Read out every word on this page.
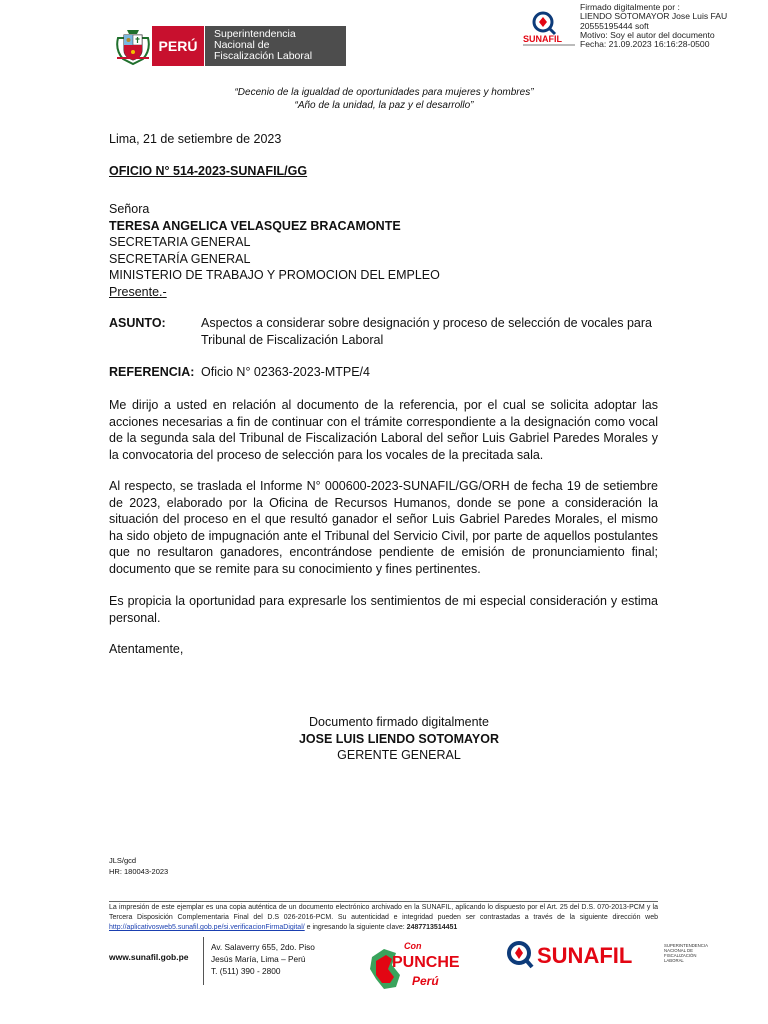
PERÚ
Superintendencia
Nacional de
Fiscalización Laboral
SUNAFIL
Firmado digitalmente por :
LIENDO SOTOMAYOR Jose Luis FAU
20555195444 soft
Motivo: Soy el autor del documento
Fecha: 21.09.2023 16:16:28-0500
“Decenio de la igualdad de oportunidades para mujeres y hombres”
“Año de la unidad, la paz y el desarrollo”
Lima, 21 de setiembre de 2023
OFICIO N° 514-2023-SUNAFIL/GG
Señora
TERESA ANGELICA VELASQUEZ BRACAMONTE
SECRETARIA GENERAL
SECRETARÍA GENERAL
MINISTERIO DE TRABAJO Y PROMOCION DEL EMPLEO
Presente.-
ASUNTO:	Aspectos a considerar sobre designación y proceso de selección de vocales para Tribunal de Fiscalización Laboral
REFERENCIA: Oficio N° 02363-2023-MTPE/4
Me dirijo a usted en relación al documento de la referencia, por el cual se solicita adoptar las acciones necesarias a fin de continuar con el trámite correspondiente a la designación como vocal de la segunda sala del Tribunal de Fiscalización Laboral del señor Luis Gabriel Paredes Morales y la convocatoria del proceso de selección para los vocales de la precitada sala.
Al respecto, se traslada el Informe N° 000600-2023-SUNAFIL/GG/ORH de fecha 19 de setiembre de 2023, elaborado por la Oficina de Recursos Humanos, donde se pone a consideración la situación del proceso en el que resultó ganador el señor Luis Gabriel Paredes Morales, el mismo ha sido objeto de impugnación ante el Tribunal del Servicio Civil, por parte de aquellos postulantes que no resultaron ganadores, encontrándose pendiente de emisión de pronunciamiento final; documento que se remite para su conocimiento y fines pertinentes.
Es propicia la oportunidad para expresarle los sentimientos de mi especial consideración y estima personal.
Atentamente,
Documento firmado digitalmente
JOSE LUIS LIENDO SOTOMAYOR
GERENTE GENERAL
JLS/gcd
HR: 180043-2023
La impresión de este ejemplar es una copia auténtica de un documento electrónico archivado en la SUNAFIL, aplicando lo dispuesto por el Art. 25 del D.S. 070-2013-PCM y la Tercera Disposición Complementaria Final del D.S 026-2016-PCM. Su autenticidad e integridad pueden ser contrastadas a través de la siguiente dirección web http://aplicativosweb5.sunafil.gob.pe/si.verificacionFirmaDigital/ e ingresando la siguiente clave: 2487713514451
www.sunafil.gob.pe
Av. Salaverry 655, 2do. Piso
Jesús María, Lima – Perú
T. (511) 390 - 2800
Con
PUNCHE
Perú
SUNAFIL	SUPERINTENDENCIA
NACIONAL DE
FISCALIZACIÓN
LABORAL
